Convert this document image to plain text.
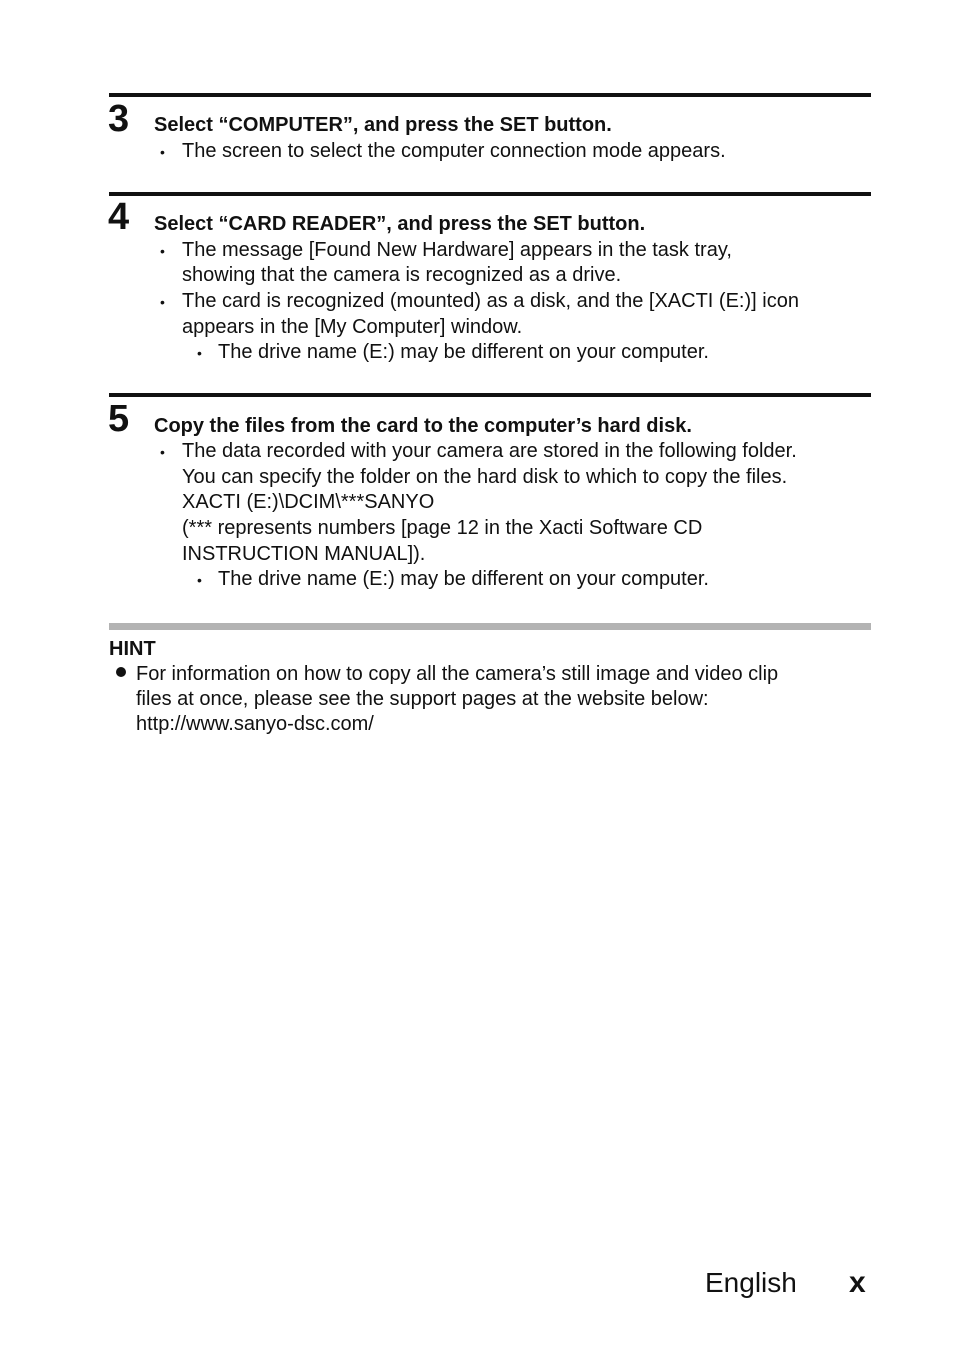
3 Select “COMPUTER”, and press the SET button.
• The screen to select the computer connection mode appears.
4 Select “CARD READER”, and press the SET button.
• The message [Found New Hardware] appears in the task tray,
showing that the camera is recognized as a drive.
• The card is recognized (mounted) as a disk, and the [XACTI (E:)] icon
appears in the [My Computer] window.
• The drive name (E:) may be different on your computer.
5 Copy the files from the card to the computer’s hard disk.
• The data recorded with your camera are stored in the following folder.
You can specify the folder on the hard disk to which to copy the files.
XACTI (E:)\DCIM\***SANYO
(*** represents numbers [page 12 in the Xacti Software CD
INSTRUCTION MANUAL]).
• The drive name (E:) may be different on your computer.
HINT
For information on how to copy all the camera’s still image and video clip
files at once, please see the support pages at the website below:
http://www.sanyo-dsc.com/
English x
